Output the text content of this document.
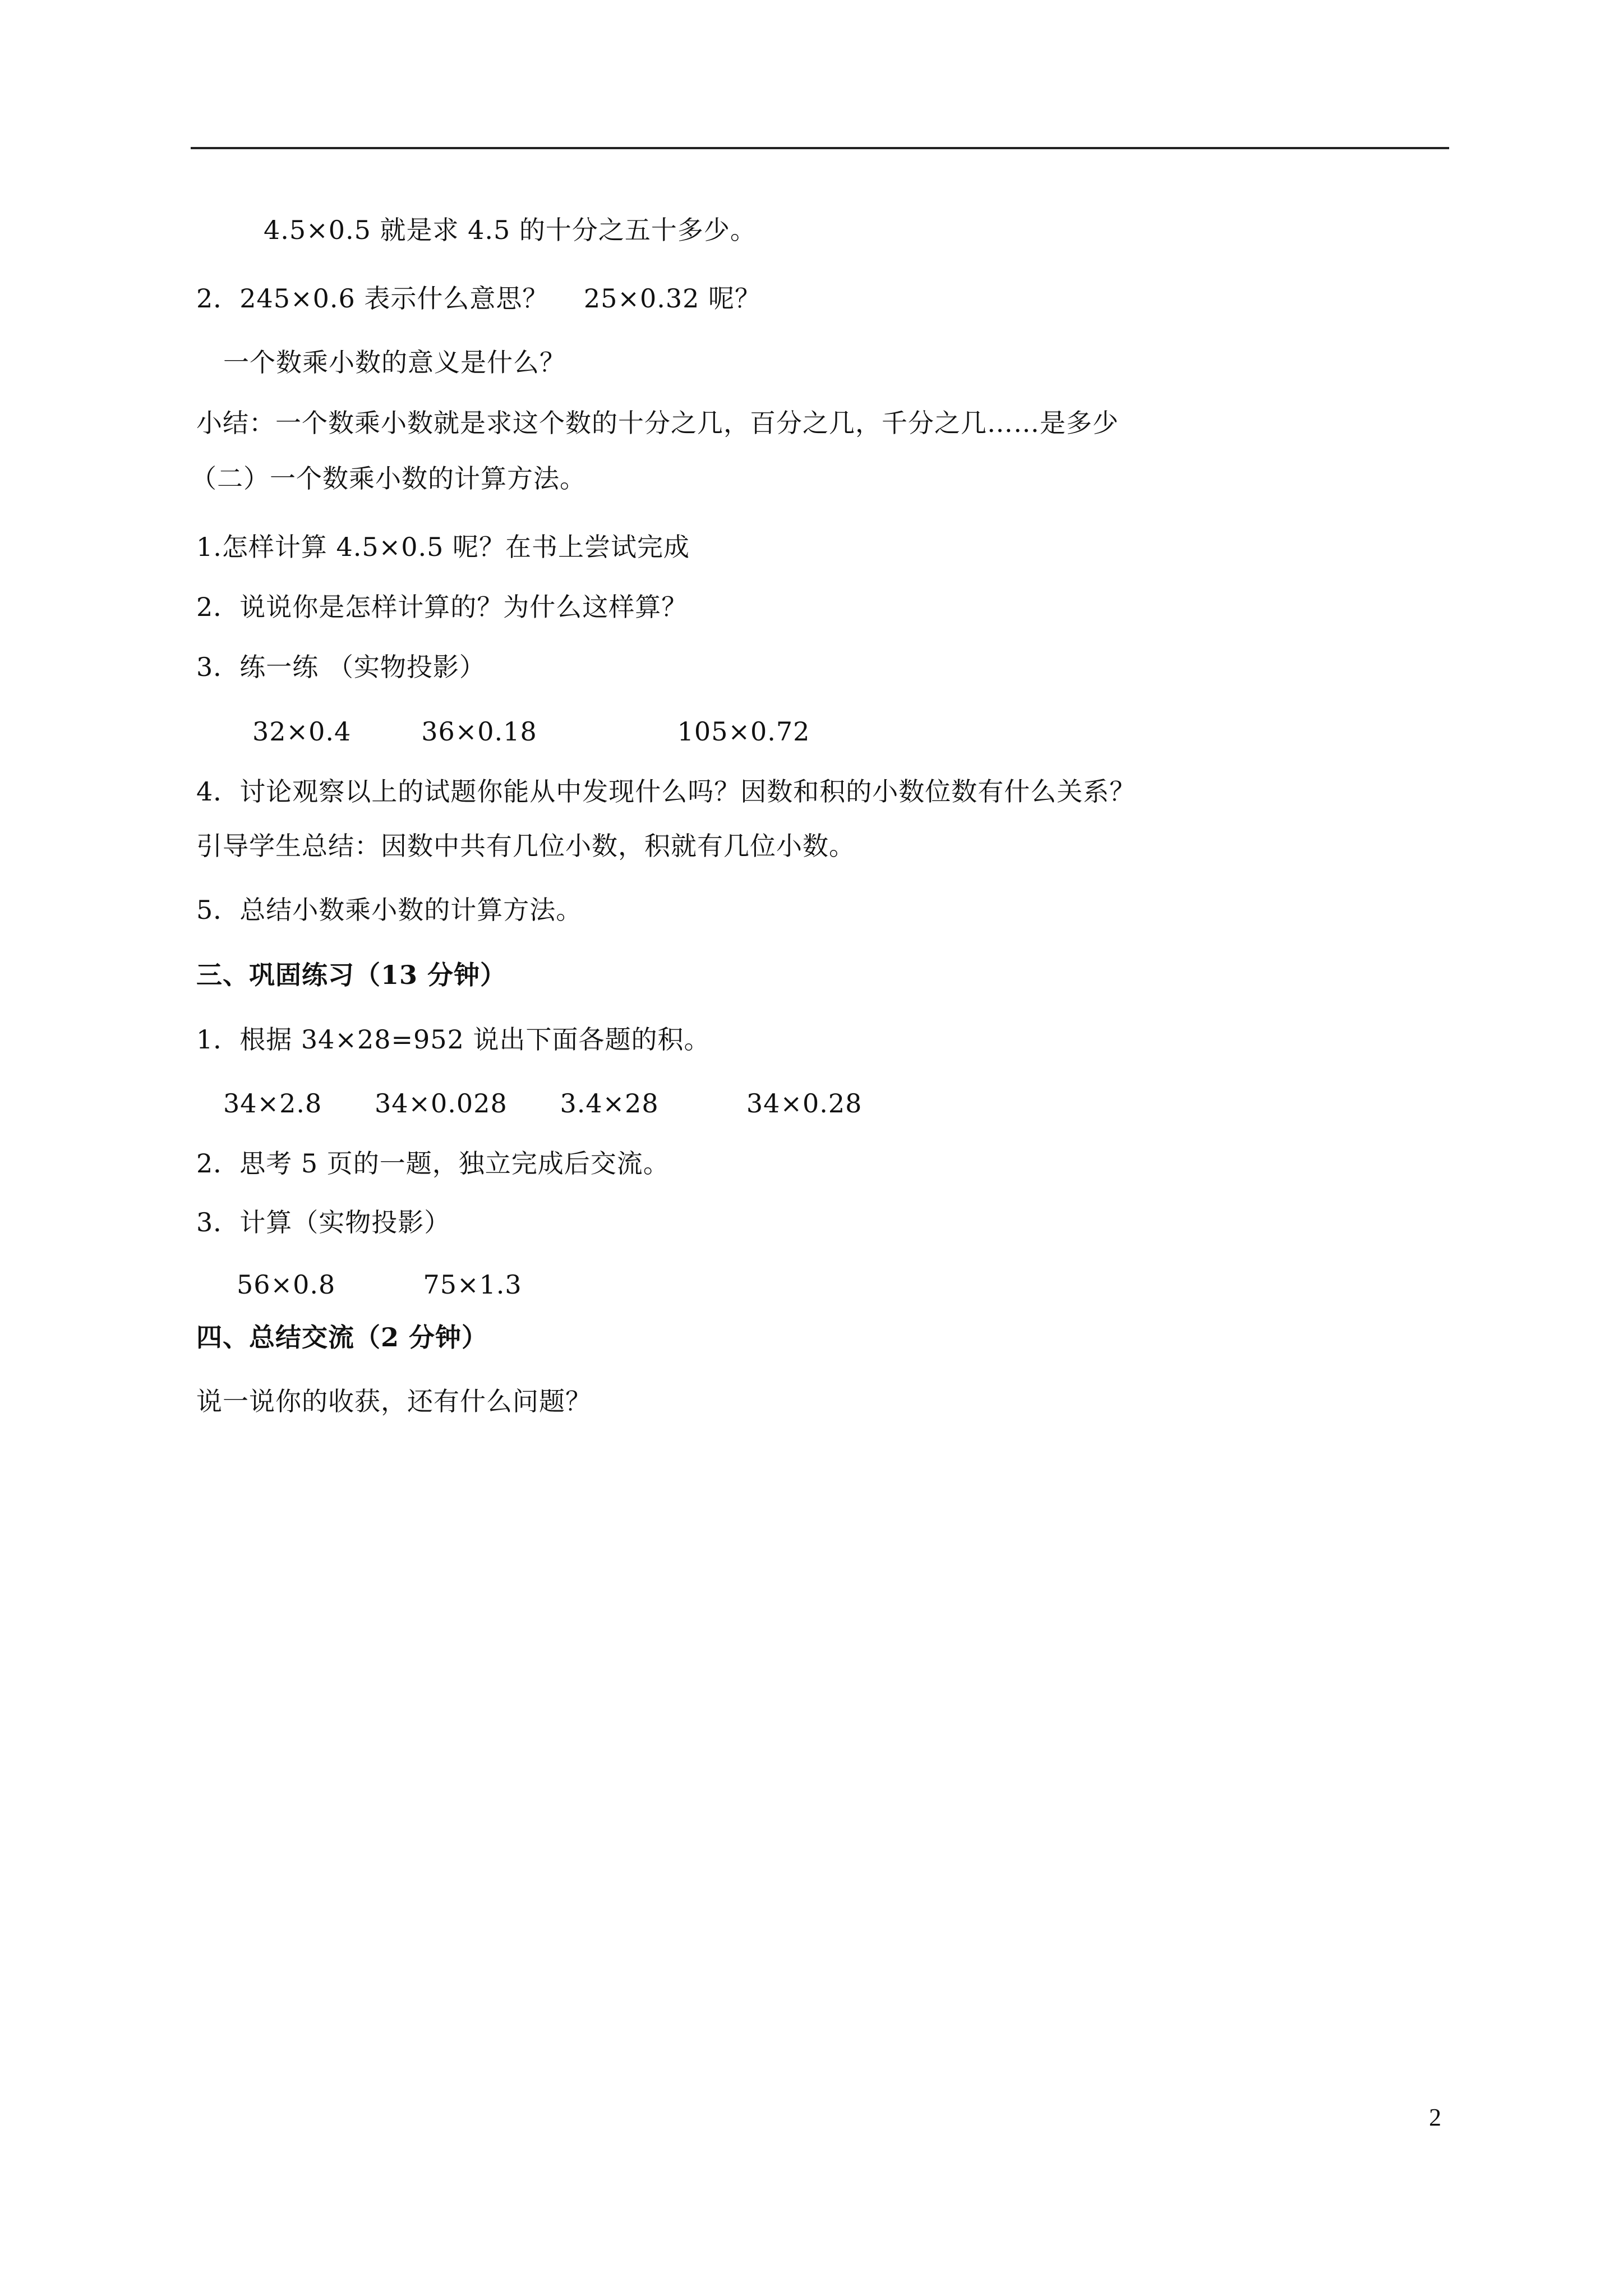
4.5×0.5 就是求 4.5 的十分之五十多少。
2．245×0.6 表示什么意思？    25×0.32 呢？
一个数乘小数的意义是什么？
小结：一个数乘小数就是求这个数的十分之几，百分之几，千分之几……是多少
（二）一个数乘小数的计算方法。
1.怎样计算 4.5×0.5 呢？在书上尝试完成
2．说说你是怎样计算的？为什么这样算？
3．练一练 （实物投影）
32×0.4        36×0.18                105×0.72
4．讨论观察以上的试题你能从中发现什么吗？因数和积的小数位数有什么关系？
引导学生总结：因数中共有几位小数，积就有几位小数。
5．总结小数乘小数的计算方法。
三、巩固练习（13 分钟）
1．根据 34×28=952 说出下面各题的积。
34×2.8      34×0.028      3.4×28          34×0.28
2．思考 5 页的一题，独立完成后交流。
3．计算（实物投影）
56×0.8          75×1.3
四、总结交流（2 分钟）
说一说你的收获，还有什么问题？
2
